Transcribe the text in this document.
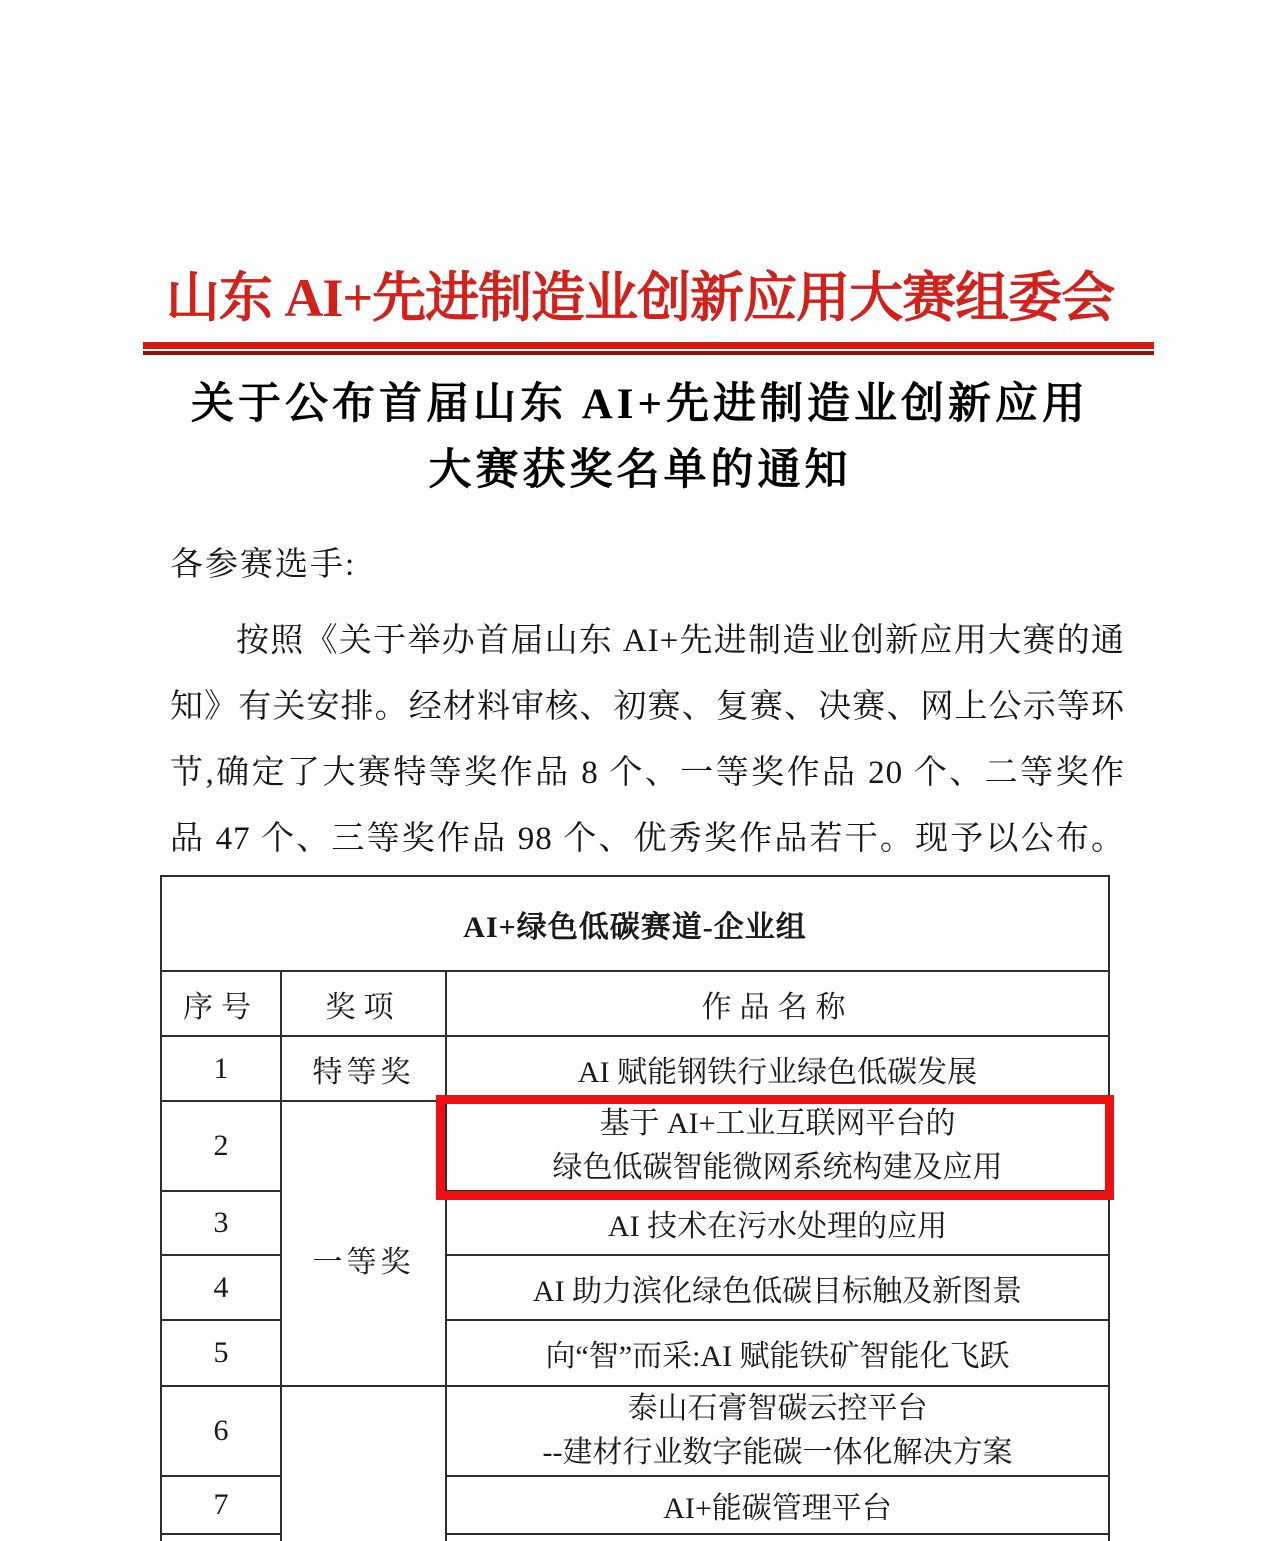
山东 AI+先进制造业创新应用大赛组委会
关于公布首届山东 AI+先进制造业创新应用
大赛获奖名单的通知
各参赛选手:
按照《关于举办首届山东 AI+先进制造业创新应用大赛的通
知》有关安排。经材料审核、初赛、复赛、决赛、网上公示等环
节,确定了大赛特等奖作品 8 个、一等奖作品 20 个、二等奖作
品 47 个、三等奖作品 98 个、优秀奖作品若干。现予以公布。
AI+绿色低碳赛道-企业组		
序号	奖项	作品名称
1	特等奖	AI 赋能钢铁行业绿色低碳发展
2	一等奖	基于 AI+工业互联网平台的
绿色低碳智能微网系统构建及应用

3		AI 技术在污水处理的应用
4		AI 助力滨化绿色低碳目标触及新图景
5		向“智”而采:AI 赋能铁矿智能化飞跃
6		泰山石膏智碳云控平台
--建材行业数字能碳一体化解决方案

7		AI+能碳管理平台
